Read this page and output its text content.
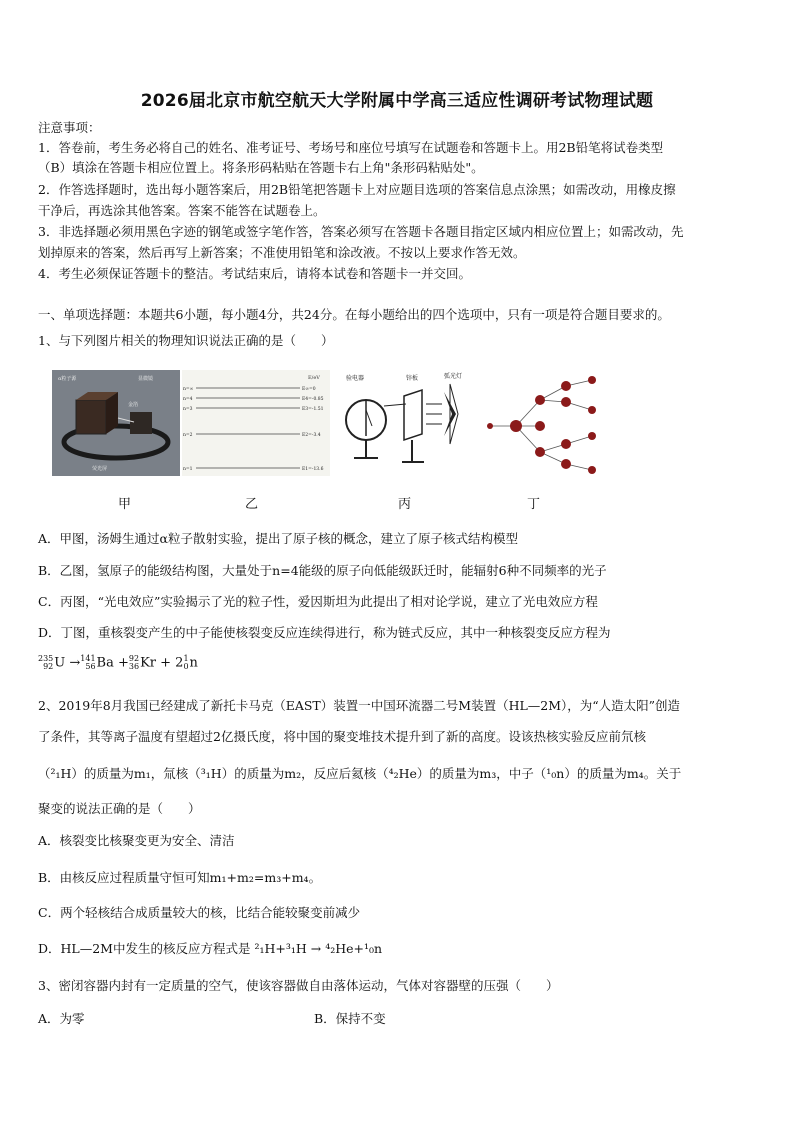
2026届北京市航空航天大学附属中学高三适应性调研考试物理试题
注意事项：
1．答卷前，考生务必将自己的姓名、准考证号、考场号和座位号填写在试题卷和答题卡上。用2B铅笔将试卷类型
（B）填涂在答题卡相应位置上。将条形码粘贴在答题卡右上角"条形码粘贴处"。
2．作答选择题时，选出每小题答案后，用2B铅笔把答题卡上对应题目选项的答案信息点涂黑；如需改动，用橡皮擦
干净后，再选涂其他答案。答案不能答在试题卷上。
3．非选择题必须用黑色字迹的钢笔或签字笔作答，答案必须写在答题卡各题目指定区域内相应位置上；如需改动，先
划掉原来的答案，然后再写上新答案；不准使用铅笔和涂改液。不按以上要求作答无效。
4．考生必须保证答题卡的整洁。考试结束后，请将本试卷和答题卡一并交回。
一、单项选择题：本题共6小题，每小题4分，共24分。在每小题给出的四个选项中，只有一项是符合题目要求的。
1、与下列图片相关的物理知识说法正确的是（　　）
α粒子源
金箔
显微镜
荧光屏
E/eV
n=∞
n=4
n=3
n=2
n=1
E∞=0
E4=-0.85
E3=-1.51
E2=-3.4
E1=-13.6
验电器	锌板	弧光灯
甲	乙	丙	丁
A．甲图，汤姆生通过α粒子散射实验，提出了原子核的概念，建立了原子核式结构模型
B．乙图，氢原子的能级结构图，大量处于n=4能级的原子向低能级跃迁时，能辐射6种不同频率的光子
C．丙图，“光电效应”实验揭示了光的粒子性，爱因斯坦为此提出了相对论学说，建立了光电效应方程
D．丁图，重核裂变产生的中子能使核裂变反应连续得进行，称为链式反应，其中一种核裂变反应方程为
235
92 U → 141
56 Ba + 92
36 Kr + 2 1
0 n
2、2019年8月我国已经建成了新托卡马克（EAST）装置一中国环流器二号M装置（HL—2M），为“人造太阳”创造
了条件，其等离子温度有望超过2亿摄氏度，将中国的聚变堆技术提升到了新的高度。设该热核实验反应前氘核
（²₁H）的质量为m₁，氚核（³₁H）的质量为m₂，反应后氦核（⁴₂He）的质量为m₃，中子（¹₀n）的质量为m₄。关于
聚变的说法正确的是（　　）
A．核裂变比核聚变更为安全、清洁
B．由核反应过程质量守恒可知m₁+m₂=m₃+m₄。
C．两个轻核结合成质量较大的核，比结合能较聚变前减少
D．HL—2M中发生的核反应方程式是 ²₁H+³₁H → ⁴₂He+¹₀n
3、密闭容器内封有一定质量的空气，使该容器做自由落体运动，气体对容器壁的压强（　　）
A．为零	B．保持不变
